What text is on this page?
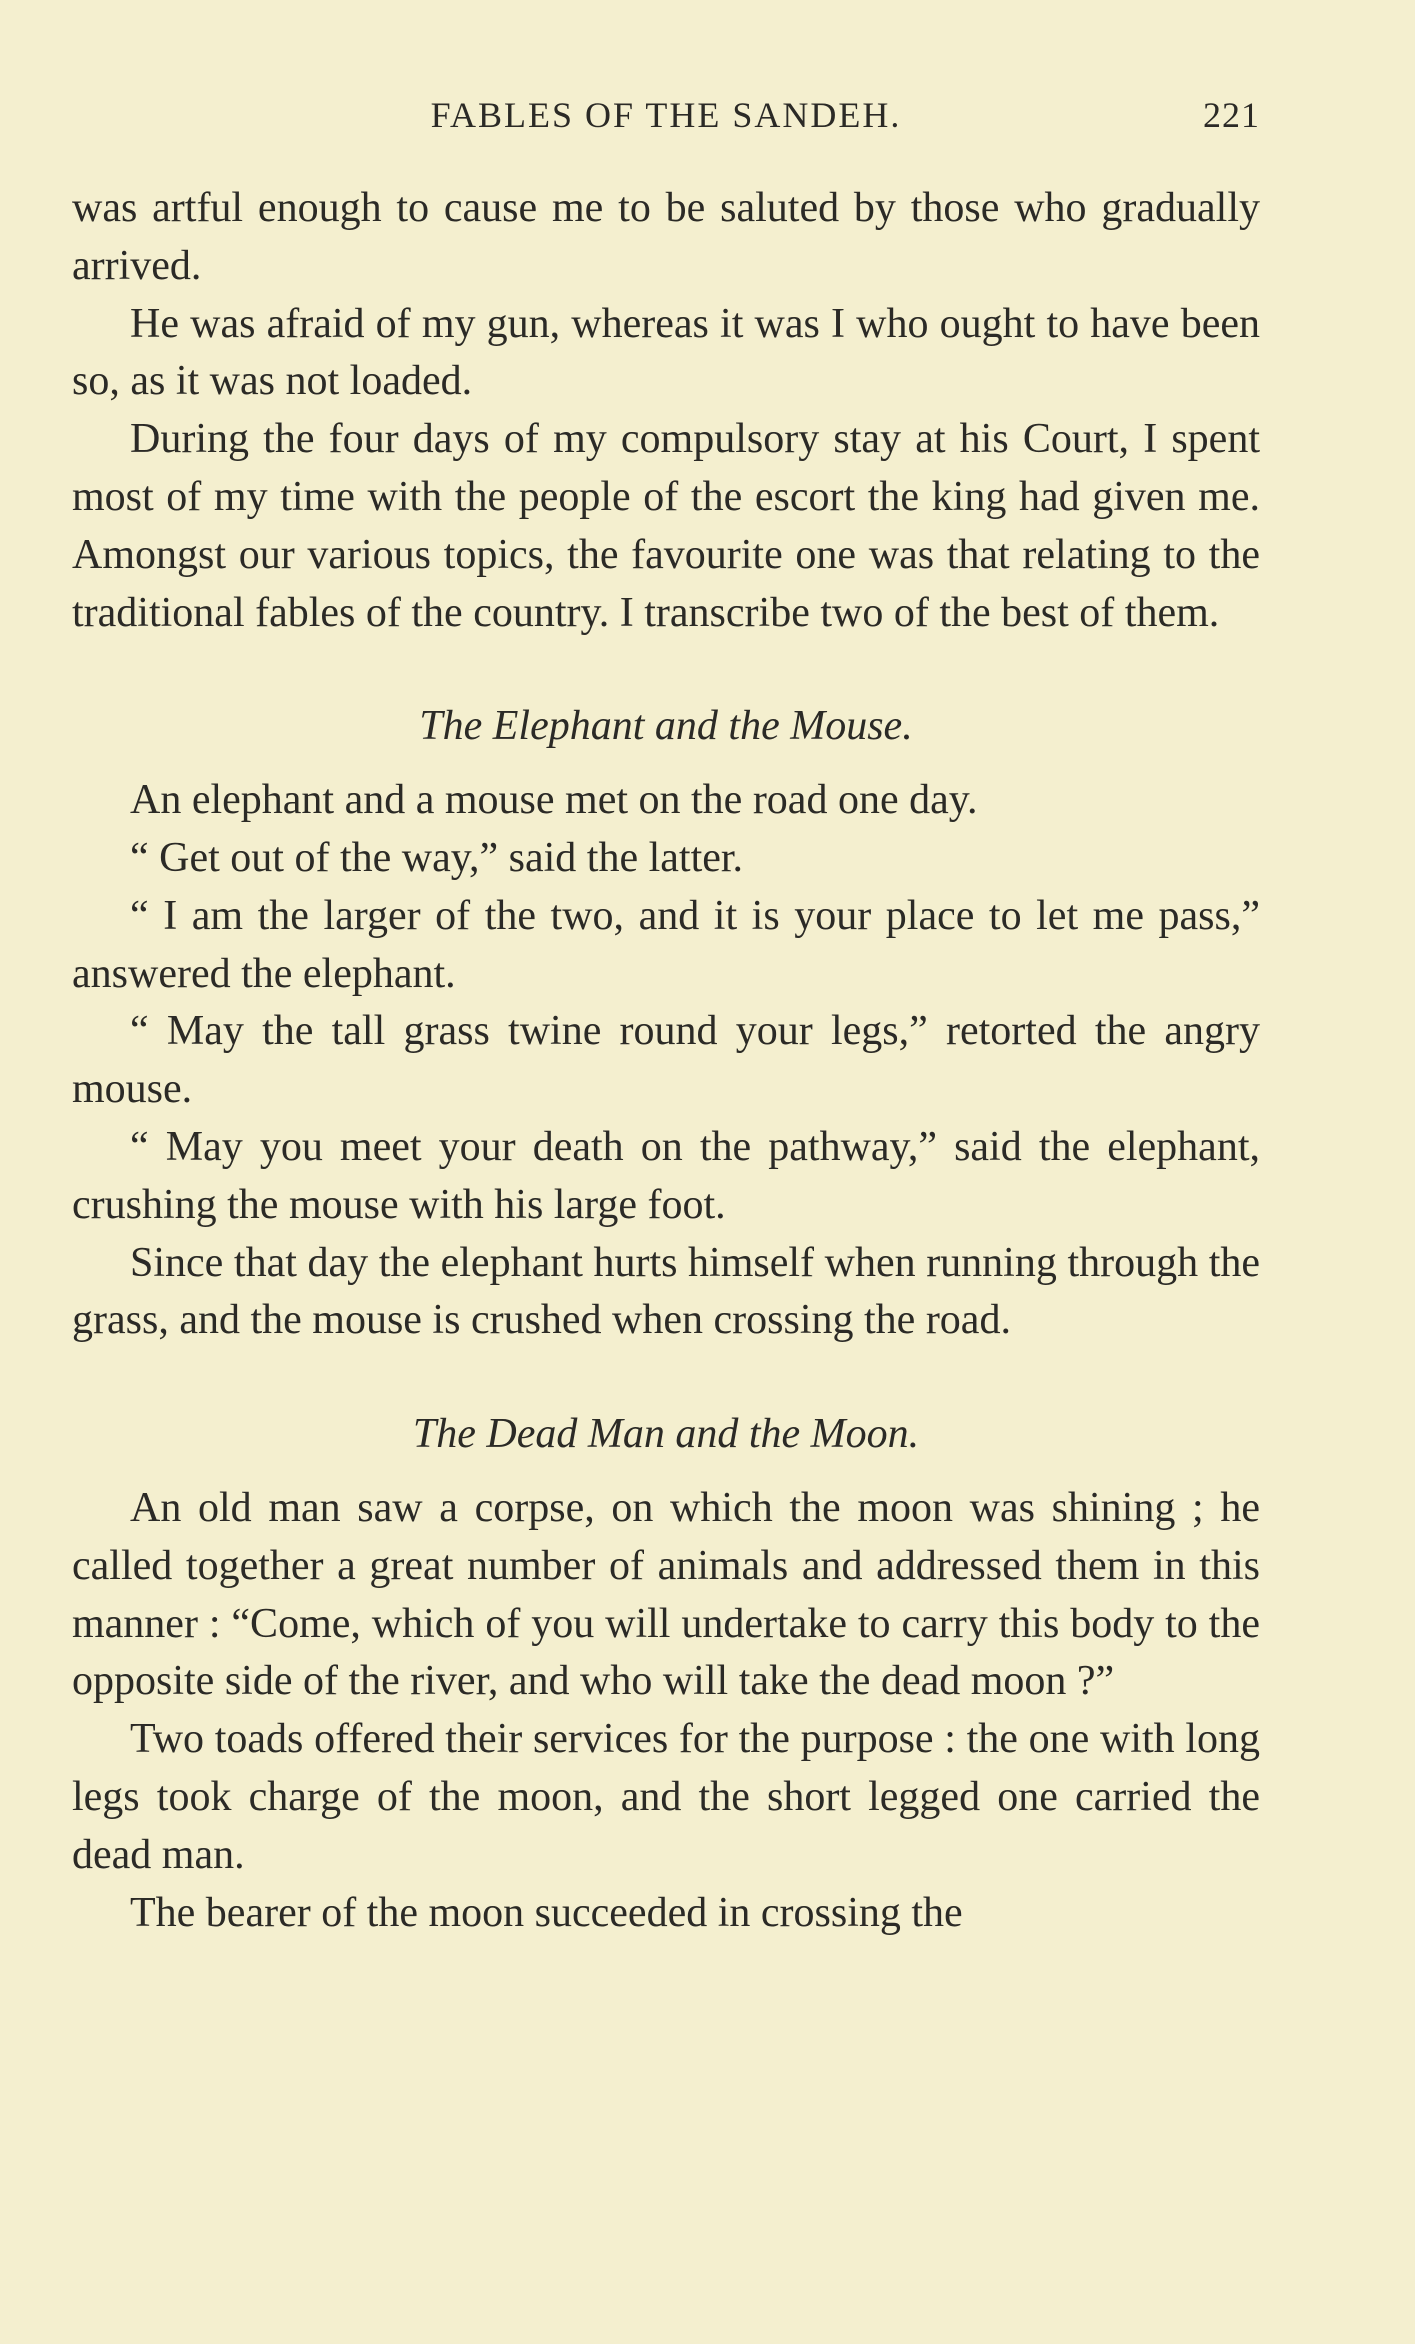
FABLES OF THE SANDEH.	221

was artful enough to cause me to be saluted by those who gradually arrived.

He was afraid of my gun, whereas it was I who ought to have been so, as it was not loaded.

During the four days of my compulsory stay at his Court, I spent most of my time with the people of the escort the king had given me. Amongst our various topics, the favourite one was that relating to the traditional fables of the country. I transcribe two of the best of them.

The Elephant and the Mouse.

An elephant and a mouse met on the road one day.

“ Get out of the way,” said the latter.

“ I am the larger of the two, and it is your place to let me pass,” answered the elephant.

“ May the tall grass twine round your legs,” retorted the angry mouse.

“ May you meet your death on the pathway,” said the elephant, crushing the mouse with his large foot.

Since that day the elephant hurts himself when running through the grass, and the mouse is crushed when crossing the road.

The Dead Man and the Moon.

An old man saw a corpse, on which the moon was shining ; he called together a great number of animals and addressed them in this manner : “Come, which of you will undertake to carry this body to the opposite side of the river, and who will take the dead moon ?”

Two toads offered their services for the purpose : the one with long legs took charge of the moon, and the short legged one carried the dead man.

The bearer of the moon succeeded in crossing the
